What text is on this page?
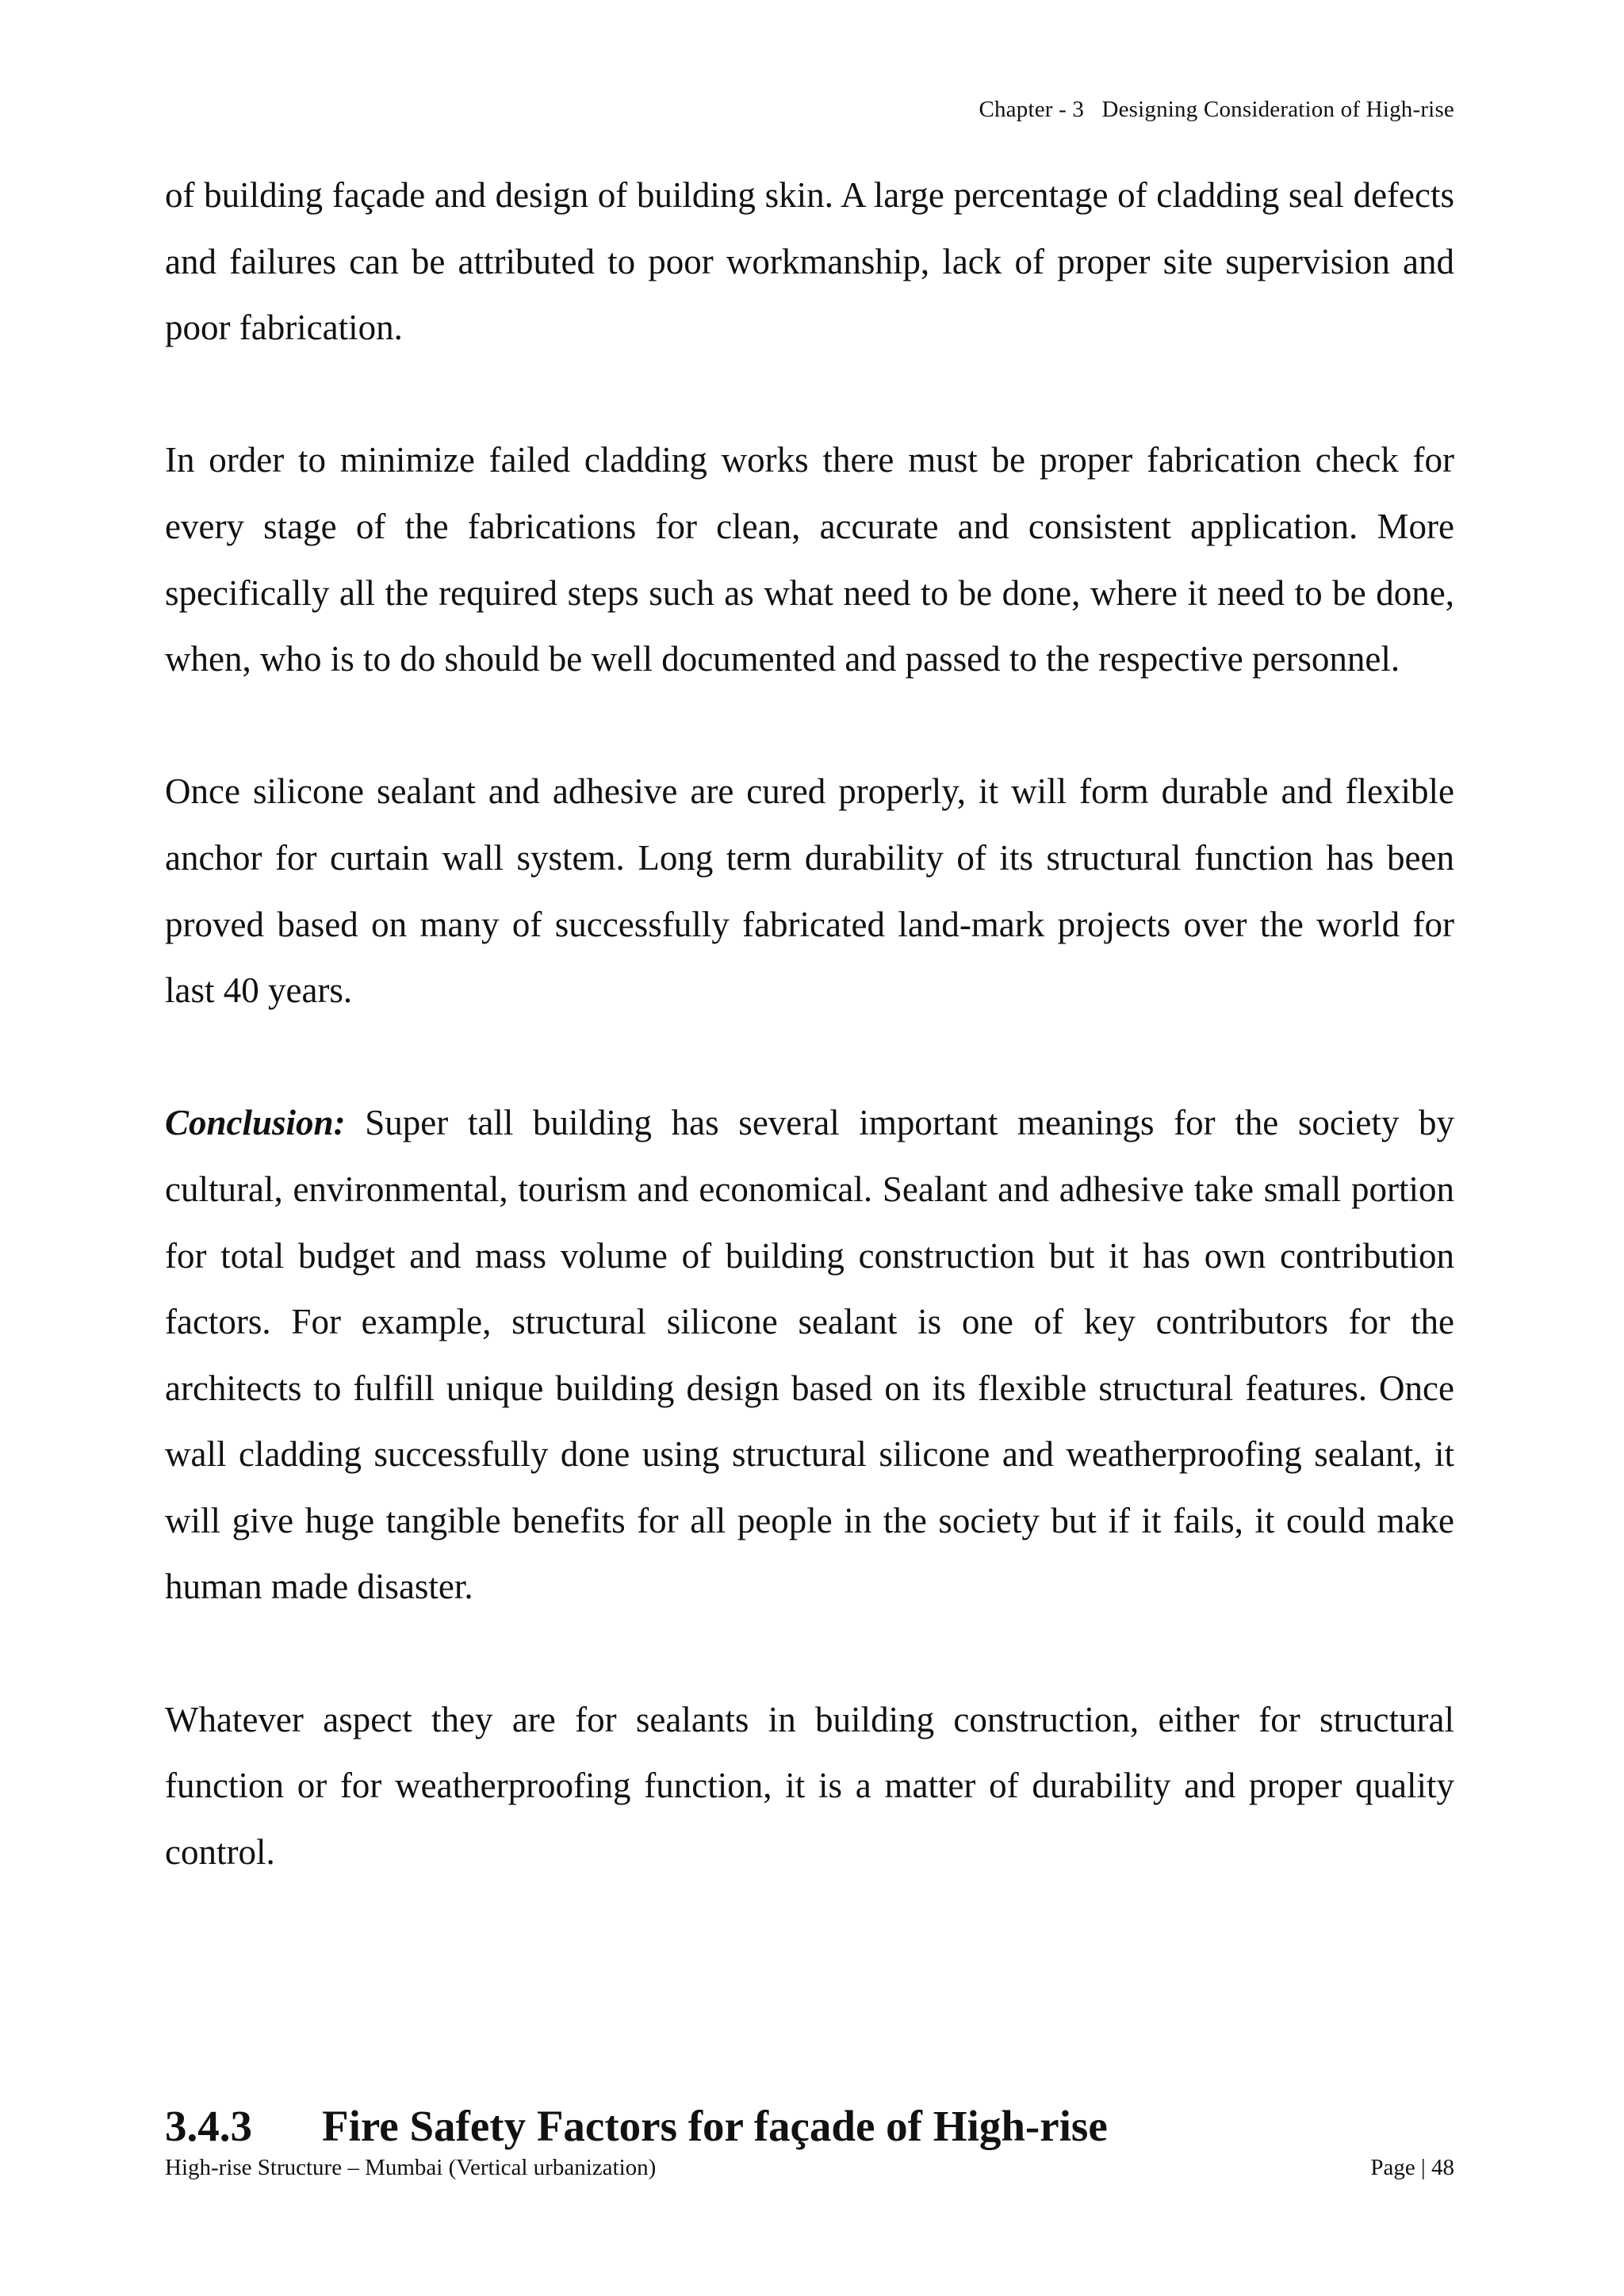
Chapter - 3   Designing Consideration of High-rise

of building façade and design of building skin. A large percentage of cladding seal defects and failures can be attributed to poor workmanship, lack of proper site supervision and poor fabrication.

In order to minimize failed cladding works there must be proper fabrication check for every stage of the fabrications for clean, accurate and consistent application. More specifically all the required steps such as what need to be done, where it need to be done, when, who is to do should be well documented and passed to the respective personnel.

Once silicone sealant and adhesive are cured properly, it will form durable and flexible anchor for curtain wall system. Long term durability of its structural function has been proved based on many of successfully fabricated land-mark projects over the world for last 40 years.

Conclusion: Super tall building has several important meanings for the society by cultural, environmental, tourism and economical. Sealant and adhesive take small portion for total budget and mass volume of building construction but it has own contribution factors. For example, structural silicone sealant is one of key contributors for the architects to fulfill unique building design based on its flexible structural features. Once wall cladding successfully done using structural silicone and weatherproofing sealant, it will give huge tangible benefits for all people in the society but if it fails, it could make human made disaster.

Whatever aspect they are for sealants in building construction, either for structural function or for weatherproofing function, it is a matter of durability and proper quality control.

3.4.3 Fire Safety Factors for façade of High-rise
High-rise Structure – Mumbai (Vertical urbanization)	Page | 48
